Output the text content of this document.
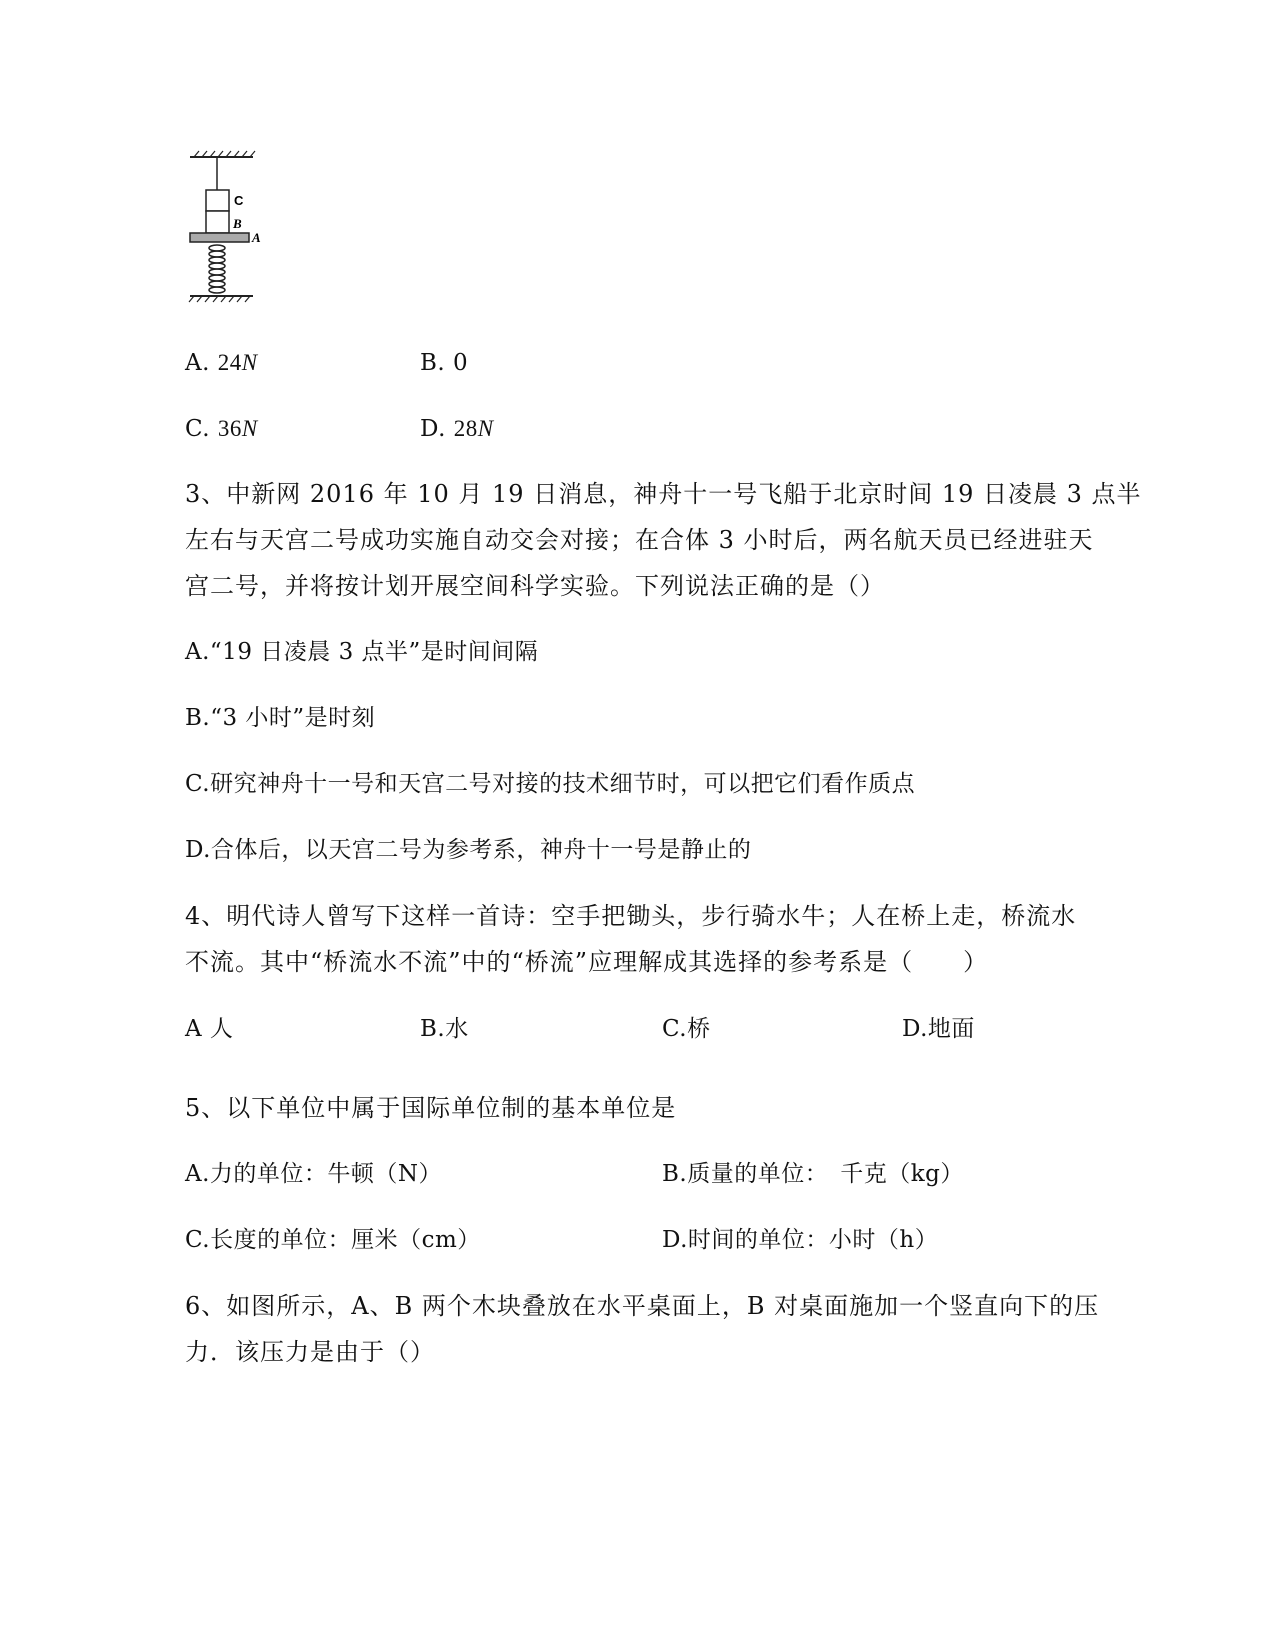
C
B
A
A. 24N	B. 0
C. 36N	D. 28N
3、中新网 2016 年 10 月 19 日消息，神舟十一号飞船于北京时间 19 日凌晨 3 点半
左右与天宫二号成功实施自动交会对接；在合体 3 小时后，两名航天员已经进驻天
宫二号，并将按计划开展空间科学实验。下列说法正确的是（）
A.“19 日凌晨 3 点半”是时间间隔
B.“3 小时”是时刻
C.研究神舟十一号和天宫二号对接的技术细节时，可以把它们看作质点
D.合体后，以天宫二号为参考系，神舟十一号是静止的
4、明代诗人曾写下这样一首诗：空手把锄头，步行骑水牛；人在桥上走，桥流水
不流。其中“桥流水不流”中的“桥流”应理解成其选择的参考系是（　　）
A 人	B.水	C.桥	D.地面
5、以下单位中属于国际单位制的基本单位是
A.力的单位：牛顿（N）	B.质量的单位：　千克（kg）
C.长度的单位：厘米（cm）	D.时间的单位：小时（h）
6、如图所示，A、B 两个木块叠放在水平桌面上，B 对桌面施加一个竖直向下的压
力．该压力是由于（）
